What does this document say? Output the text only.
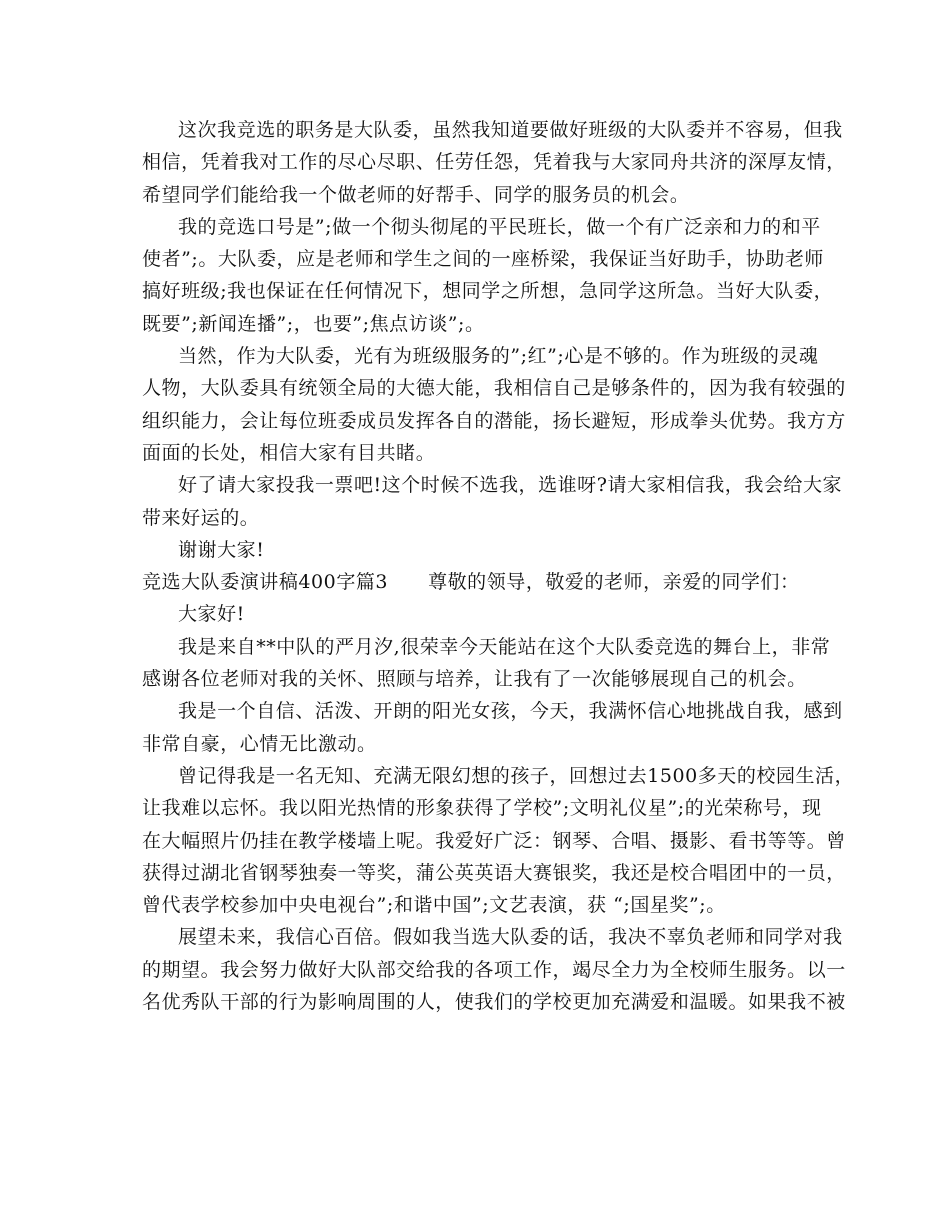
这次我竞选的职务是大队委，虽然我知道要做好班级的大队委并不容易，但我
相信，凭着我对工作的尽心尽职、任劳任怨，凭着我与大家同舟共济的深厚友情，
希望同学们能给我一个做老师的好帮手、同学的服务员的机会。
我的竞选口号是”;做一个彻头彻尾的平民班长，做一个有广泛亲和力的和平
使者”;。大队委，应是老师和学生之间的一座桥梁，我保证当好助手，协助老师
搞好班级;我也保证在任何情况下，想同学之所想，急同学这所急。当好大队委，
既要”;新闻连播”;，也要”;焦点访谈”;。
当然，作为大队委，光有为班级服务的”;红”;心是不够的。作为班级的灵魂
人物，大队委具有统领全局的大德大能，我相信自己是够条件的，因为我有较强的
组织能力，会让每位班委成员发挥各自的潜能，扬长避短，形成拳头优势。我方方
面面的长处，相信大家有目共睹。
好了请大家投我一票吧!这个时候不选我，选谁呀?请大家相信我，我会给大家
带来好运的。
谢谢大家!
竞选大队委演讲稿400字篇3 尊敬的领导，敬爱的老师，亲爱的同学们：
大家好!
我是来自**中队的严月汐,很荣幸今天能站在这个大队委竞选的舞台上，非常
感谢各位老师对我的关怀、照顾与培养，让我有了一次能够展现自己的机会。
我是一个自信、活泼、开朗的阳光女孩，今天，我满怀信心地挑战自我，感到
非常自豪，心情无比激动。
曾记得我是一名无知、充满无限幻想的孩子，回想过去1500多天的校园生活，
让我难以忘怀。我以阳光热情的形象获得了学校”;文明礼仪星”;的光荣称号，现
在大幅照片仍挂在教学楼墙上呢。我爱好广泛：钢琴、合唱、摄影、看书等等。曾
获得过湖北省钢琴独奏一等奖，蒲公英英语大赛银奖，我还是校合唱团中的一员，
曾代表学校参加中央电视台”;和谐中国”;文艺表演，获 “;国星奖”;。
展望未来，我信心百倍。假如我当选大队委的话，我决不辜负老师和同学对我
的期望。我会努力做好大队部交给我的各项工作，竭尽全力为全校师生服务。以一
名优秀队干部的行为影响周围的人，使我们的学校更加充满爱和温暖。如果我不被
